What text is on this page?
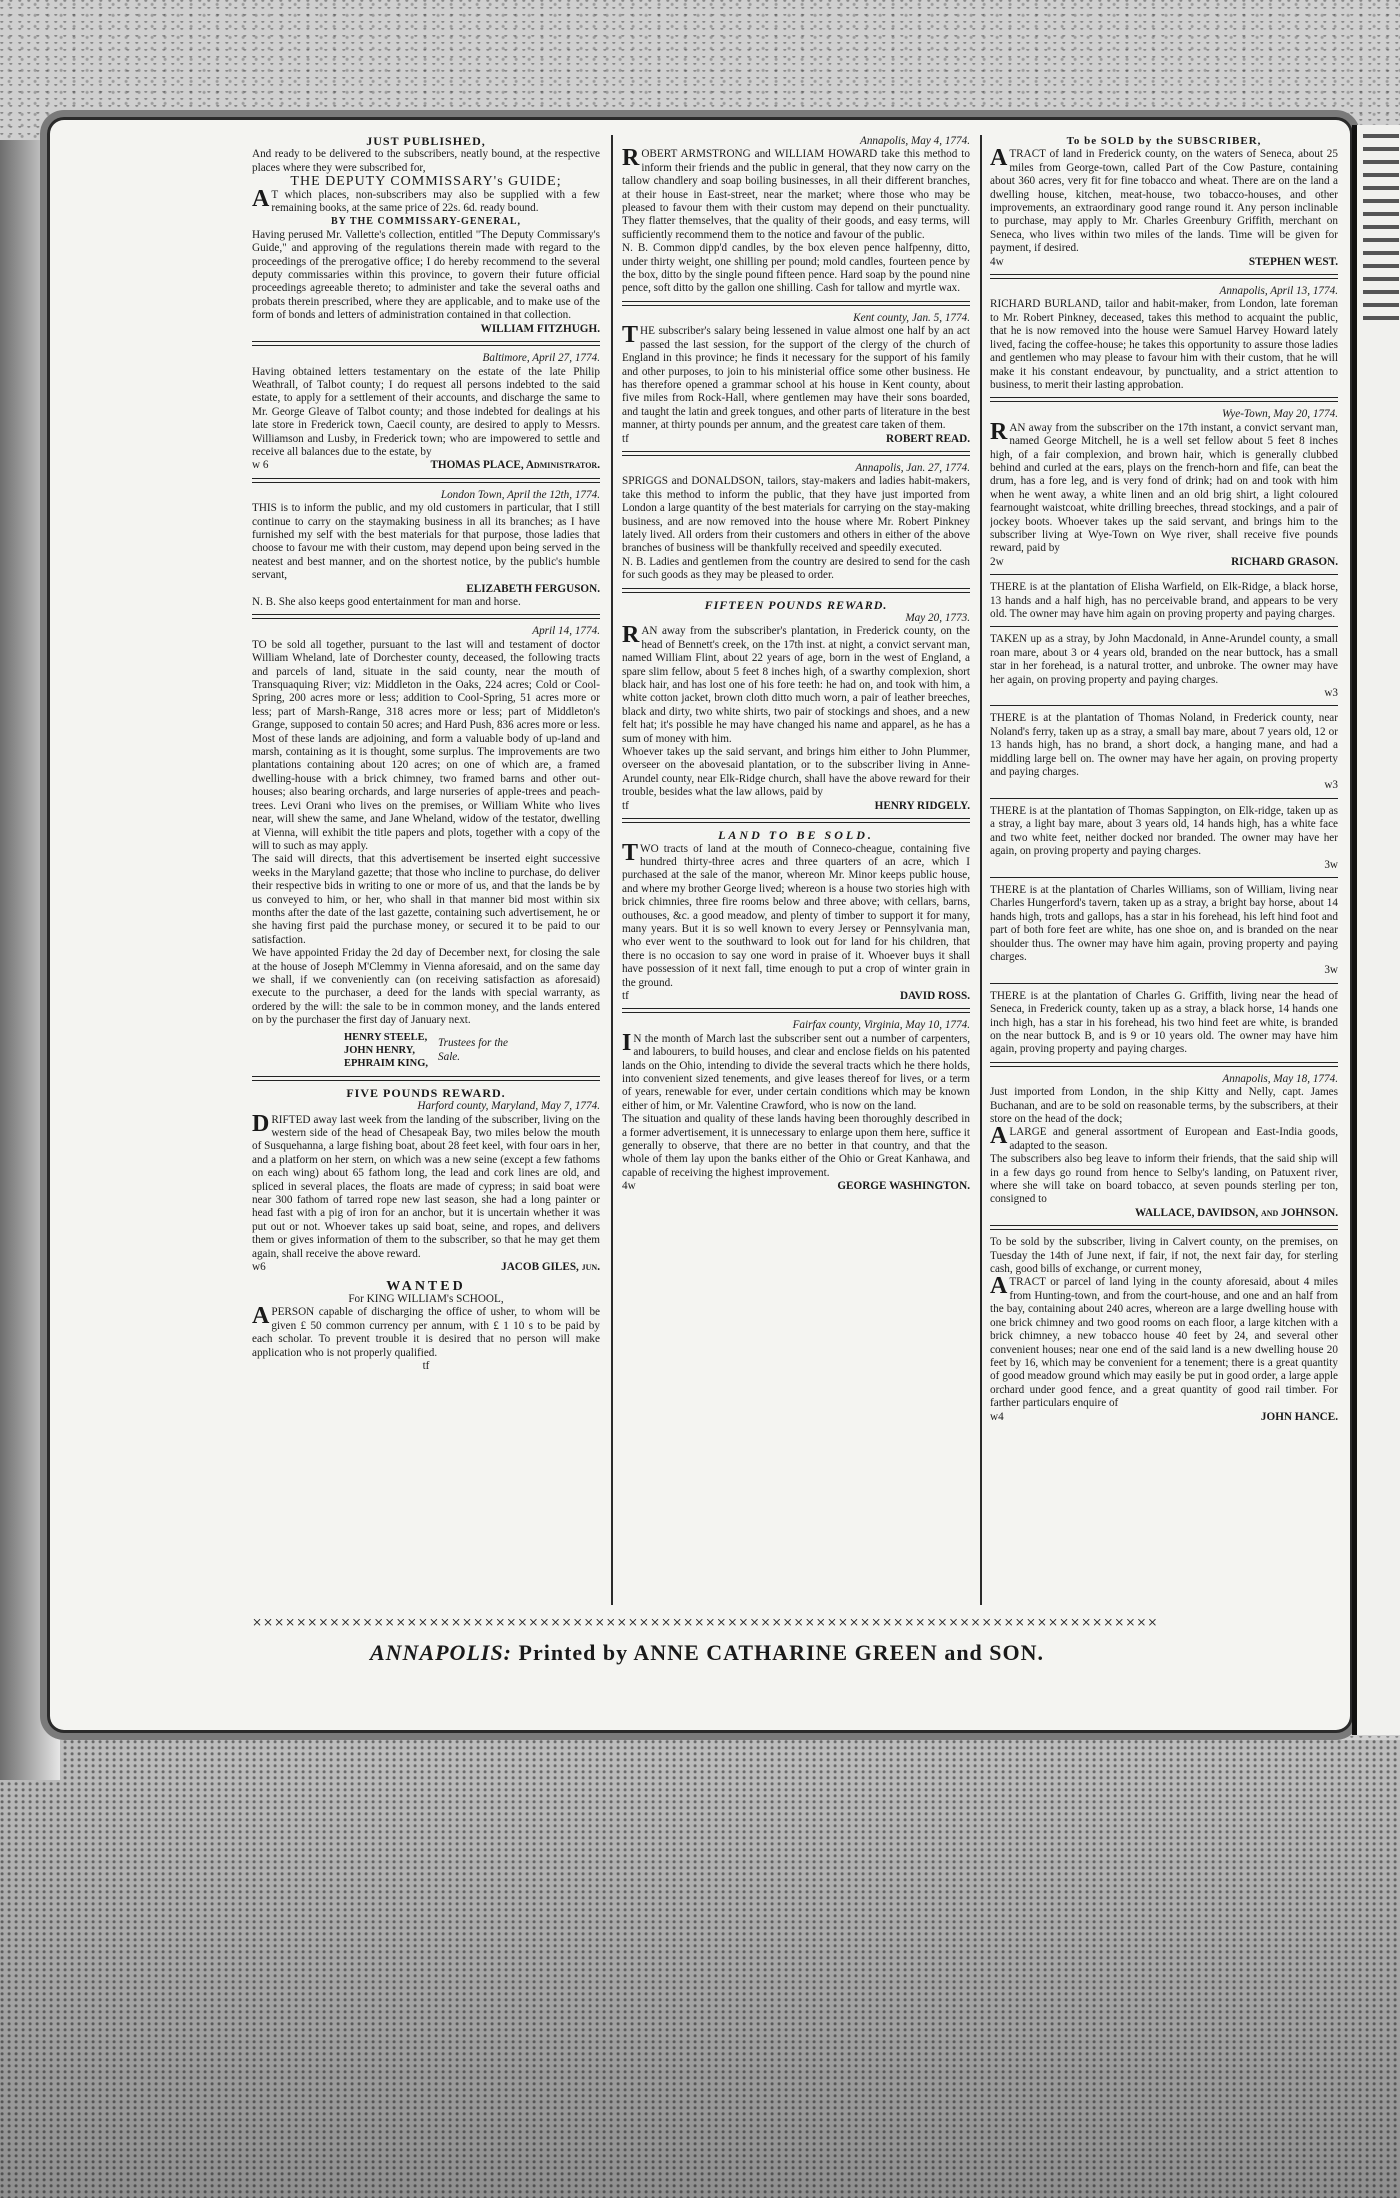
JUST PUBLISHED,

And ready to be delivered to the subscribers, neatly bound, at the respective places where they were subscribed for,

THE DEPUTY COMMISSARY's GUIDE;

AT which places, non-subscribers may also be supplied with a few remaining books, at the same price of 22s. 6d. ready bound.

BY THE COMMISSARY-GENERAL,

Having perused Mr. Vallette's collection, entitled "The Deputy Commissary's Guide," and approving of the regulations therein made with regard to the proceedings of the prerogative office; I do hereby recommend to the several deputy commissaries within this province, to govern their future official proceedings agreeable thereto; to administer and take the several oaths and probats therein prescribed, where they are applicable, and to make use of the form of bonds and letters of administration contained in that collection.

WILLIAM FITZHUGH.

Baltimore, April 27, 1774.

Having obtained letters testamentary on the estate of the late Philip Weathrall, of Talbot county; I do request all persons indebted to the said estate, to apply for a settlement of their accounts, and discharge the same to Mr. George Gleave of Talbot county; and those indebted for dealings at his late store in Frederick town, Caecil county, are desired to apply to Messrs. Williamson and Lusby, in Frederick town; who are impowered to settle and receive all balances due to the estate, by

w 6	THOMAS PLACE, Administrator.

London Town, April the 12th, 1774.

THIS is to inform the public, and my old customers in particular, that I still continue to carry on the staymaking business in all its branches; as I have furnished my self with the best materials for that purpose, those ladies that choose to favour me with their custom, may depend upon being served in the neatest and best manner, and on the shortest notice, by the public's humble servant,

ELIZABETH FERGUSON.

N. B. She also keeps good entertainment for man and horse.

April 14, 1774.

TO be sold all together, pursuant to the last will and testament of doctor William Wheland, late of Dorchester county, deceased, the following tracts and parcels of land, situate in the said county, near the mouth of Transquaquing River; viz: Middleton in the Oaks, 224 acres; Cold or Cool-Spring, 200 acres more or less; addition to Cool-Spring, 51 acres more or less; part of Marsh-Range, 318 acres more or less; part of Middleton's Grange, supposed to contain 50 acres; and Hard Push, 836 acres more or less. Most of these lands are adjoining, and form a valuable body of up-land and marsh, containing as it is thought, some surplus. The improvements are two plantations containing about 120 acres; on one of which are, a framed dwelling-house with a brick chimney, two framed barns and other out-houses; also bearing orchards, and large nurseries of apple-trees and peach-trees. Levi Orani who lives on the premises, or William White who lives near, will shew the same, and Jane Wheland, widow of the testator, dwelling at Vienna, will exhibit the title papers and plots, together with a copy of the will to such as may apply.

The said will directs, that this advertisement be inserted eight successive weeks in the Maryland gazette; that those who incline to purchase, do deliver their respective bids in writing to one or more of us, and that the lands be by us conveyed to him, or her, who shall in that manner bid most within six months after the date of the last gazette, containing such advertisement, he or she having first paid the purchase money, or secured it to be paid to our satisfaction.

We have appointed Friday the 2d day of December next, for closing the sale at the house of Joseph M'Clemmy in Vienna aforesaid, and on the same day we shall, if we conveniently can (on receiving satisfaction as aforesaid) execute to the purchaser, a deed for the lands with special warranty, as ordered by the will: the sale to be in common money, and the lands entered on by the purchaser the first day of January next.

HENRY STEELE,
JOHN HENRY,
EPHRAIM KING,
Trustees for the Sale.

FIVE POUNDS REWARD.

Harford county, Maryland, May 7, 1774.

DRIFTED away last week from the landing of the subscriber, living on the western side of the head of Chesapeak Bay, two miles below the mouth of Susquehanna, a large fishing boat, about 28 feet keel, with four oars in her, and a platform on her stern, on which was a new seine (except a few fathoms on each wing) about 65 fathom long, the lead and cork lines are old, and spliced in several places, the floats are made of cypress; in said boat were near 300 fathom of tarred rope new last season, she had a long painter or head fast with a pig of iron for an anchor, but it is uncertain whether it was put out or not. Whoever takes up said boat, seine, and ropes, and delivers them or gives information of them to the subscriber, so that he may get them again, shall receive the above reward.

w6	JACOB GILES, jun.

WANTED

For KING WILLIAM's SCHOOL,

APERSON capable of discharging the office of usher, to whom will be given £ 50 common currency per annum, with £ 1 10 s to be paid by each scholar. To prevent trouble it is desired that no person will make application who is not properly qualified.

tf

Annapolis, May 4, 1774.

ROBERT ARMSTRONG and WILLIAM HOWARD take this method to inform their friends and the public in general, that they now carry on the tallow chandlery and soap boiling businesses, in all their different branches, at their house in East-street, near the market; where those who may be pleased to favour them with their custom may depend on their punctuality. They flatter themselves, that the quality of their goods, and easy terms, will sufficiently recommend them to the notice and favour of the public.

N. B. Common dipp'd candles, by the box eleven pence halfpenny, ditto, under thirty weight, one shilling per pound; mold candles, fourteen pence by the box, ditto by the single pound fifteen pence. Hard soap by the pound nine pence, soft ditto by the gallon one shilling. Cash for tallow and myrtle wax.

Kent county, Jan. 5, 1774.

THE subscriber's salary being lessened in value almost one half by an act passed the last session, for the support of the clergy of the church of England in this province; he finds it necessary for the support of his family and other purposes, to join to his ministerial office some other business. He has therefore opened a grammar school at his house in Kent county, about five miles from Rock-Hall, where gentlemen may have their sons boarded, and taught the latin and greek tongues, and other parts of literature in the best manner, at thirty pounds per annum, and the greatest care taken of them.

tf	ROBERT READ.

Annapolis, Jan. 27, 1774.

SPRIGGS and DONALDSON, tailors, stay-makers and ladies habit-makers, take this method to inform the public, that they have just imported from London a large quantity of the best materials for carrying on the stay-making business, and are now removed into the house where Mr. Robert Pinkney lately lived. All orders from their customers and others in either of the above branches of business will be thankfully received and speedily executed.

N. B. Ladies and gentlemen from the country are desired to send for the cash for such goods as they may be pleased to order.

FIFTEEN POUNDS REWARD.

May 20, 1773.

RAN away from the subscriber's plantation, in Frederick county, on the head of Bennett's creek, on the 17th inst. at night, a convict servant man, named William Flint, about 22 years of age, born in the west of England, a spare slim fellow, about 5 feet 8 inches high, of a swarthy complexion, short black hair, and has lost one of his fore teeth: he had on, and took with him, a white cotton jacket, brown cloth ditto much worn, a pair of leather breeches, black and dirty, two white shirts, two pair of stockings and shoes, and a new felt hat; it's possible he may have changed his name and apparel, as he has a sum of money with him.

Whoever takes up the said servant, and brings him either to John Plummer, overseer on the abovesaid plantation, or to the subscriber living in Anne-Arundel county, near Elk-Ridge church, shall have the above reward for their trouble, besides what the law allows, paid by

tf	HENRY RIDGELY.

LAND TO BE SOLD.

TWO tracts of land at the mouth of Conneco-cheague, containing five hundred thirty-three acres and three quarters of an acre, which I purchased at the sale of the manor, whereon Mr. Minor keeps public house, and where my brother George lived; whereon is a house two stories high with brick chimnies, three fire rooms below and three above; with cellars, barns, outhouses, &c. a good meadow, and plenty of timber to support it for many, many years. But it is so well known to every Jersey or Pennsylvania man, who ever went to the southward to look out for land for his children, that there is no occasion to say one word in praise of it. Whoever buys it shall have possession of it next fall, time enough to put a crop of winter grain in the ground.

tf	DAVID ROSS.

Fairfax county, Virginia, May 10, 1774.

IN the month of March last the subscriber sent out a number of carpenters, and labourers, to build houses, and clear and enclose fields on his patented lands on the Ohio, intending to divide the several tracts which he there holds, into convenient sized tenements, and give leases thereof for lives, or a term of years, renewable for ever, under certain conditions which may be known either of him, or Mr. Valentine Crawford, who is now on the land.

The situation and quality of these lands having been thoroughly described in a former advertisement, it is unnecessary to enlarge upon them here, suffice it generally to observe, that there are no better in that country, and that the whole of them lay upon the banks either of the Ohio or Great Kanhawa, and capable of receiving the highest improvement.

4w	GEORGE WASHINGTON.

To be SOLD by the SUBSCRIBER,

ATRACT of land in Frederick county, on the waters of Seneca, about 25 miles from George-town, called Part of the Cow Pasture, containing about 360 acres, very fit for fine tobacco and wheat. There are on the land a dwelling house, kitchen, meat-house, two tobacco-houses, and other improvements, an extraordinary good range round it. Any person inclinable to purchase, may apply to Mr. Charles Greenbury Griffith, merchant on Seneca, who lives within two miles of the lands. Time will be given for payment, if desired.

4w	STEPHEN WEST.

Annapolis, April 13, 1774.

RICHARD BURLAND, tailor and habit-maker, from London, late foreman to Mr. Robert Pinkney, deceased, takes this method to acquaint the public, that he is now removed into the house were Samuel Harvey Howard lately lived, facing the coffee-house; he takes this opportunity to assure those ladies and gentlemen who may please to favour him with their custom, that he will make it his constant endeavour, by punctuality, and a strict attention to business, to merit their lasting approbation.

Wye-Town, May 20, 1774.

RAN away from the subscriber on the 17th instant, a convict servant man, named George Mitchell, he is a well set fellow about 5 feet 8 inches high, of a fair complexion, and brown hair, which is generally clubbed behind and curled at the ears, plays on the french-horn and fife, can beat the drum, has a fore leg, and is very fond of drink; had on and took with him when he went away, a white linen and an old brig shirt, a light coloured fearnought waistcoat, white drilling breeches, thread stockings, and a pair of jockey boots. Whoever takes up the said servant, and brings him to the subscriber living at Wye-Town on Wye river, shall receive five pounds reward, paid by

2w	RICHARD GRASON.

THERE is at the plantation of Elisha Warfield, on Elk-Ridge, a black horse, 13 hands and a half high, has no perceivable brand, and appears to be very old. The owner may have him again on proving property and paying charges.

TAKEN up as a stray, by John Macdonald, in Anne-Arundel county, a small roan mare, about 3 or 4 years old, branded on the near buttock, has a small star in her forehead, is a natural trotter, and unbroke. The owner may have her again, on proving property and paying charges.

w3

THERE is at the plantation of Thomas Noland, in Frederick county, near Noland's ferry, taken up as a stray, a small bay mare, about 7 years old, 12 or 13 hands high, has no brand, a short dock, a hanging mane, and had a middling large bell on. The owner may have her again, on proving property and paying charges.

w3

THERE is at the plantation of Thomas Sappington, on Elk-ridge, taken up as a stray, a light bay mare, about 3 years old, 14 hands high, has a white face and two white feet, neither docked nor branded. The owner may have her again, on proving property and paying charges.

3w

THERE is at the plantation of Charles Williams, son of William, living near Charles Hungerford's tavern, taken up as a stray, a bright bay horse, about 14 hands high, trots and gallops, has a star in his forehead, his left hind foot and part of both fore feet are white, has one shoe on, and is branded on the near shoulder thus. The owner may have him again, proving property and paying charges.

3w

THERE is at the plantation of Charles G. Griffith, living near the head of Seneca, in Frederick county, taken up as a stray, a black horse, 14 hands one inch high, has a star in his forehead, his two hind feet are white, is branded on the near buttock B, and is 9 or 10 years old. The owner may have him again, proving property and paying charges.

Annapolis, May 18, 1774.

Just imported from London, in the ship Kitty and Nelly, capt. James Buchanan, and are to be sold on reasonable terms, by the subscribers, at their store on the head of the dock;

ALARGE and general assortment of European and East-India goods, adapted to the season.

The subscribers also beg leave to inform their friends, that the said ship will in a few days go round from hence to Selby's landing, on Patuxent river, where she will take on board tobacco, at seven pounds sterling per ton, consigned to

WALLACE, DAVIDSON, and JOHNSON.

To be sold by the subscriber, living in Calvert county, on the premises, on Tuesday the 14th of June next, if fair, if not, the next fair day, for sterling cash, good bills of exchange, or current money,

ATRACT or parcel of land lying in the county aforesaid, about 4 miles from Hunting-town, and from the court-house, and one and an half from the bay, containing about 240 acres, whereon are a large dwelling house with one brick chimney and two good rooms on each floor, a large kitchen with a brick chimney, a new tobacco house 40 feet by 24, and several other convenient houses; near one end of the said land is a new dwelling house 20 feet by 16, which may be convenient for a tenement; there is a great quantity of good meadow ground which may easily be put in good order, a large apple orchard under good fence, and a great quantity of good rail timber. For farther particulars enquire of

w4	JOHN HANCE.

⨯⨯⨯⨯⨯⨯⨯⨯⨯⨯⨯⨯⨯⨯⨯⨯⨯⨯⨯⨯⨯⨯⨯⨯⨯⨯⨯⨯⨯⨯⨯⨯⨯⨯⨯⨯⨯⨯⨯⨯⨯⨯⨯⨯⨯⨯⨯⨯⨯⨯⨯⨯⨯⨯⨯⨯⨯⨯⨯⨯⨯⨯⨯⨯⨯⨯⨯⨯⨯⨯⨯⨯⨯⨯⨯⨯⨯⨯⨯⨯⨯⨯
ANNAPOLIS: Printed by ANNE CATHARINE GREEN and SON.
